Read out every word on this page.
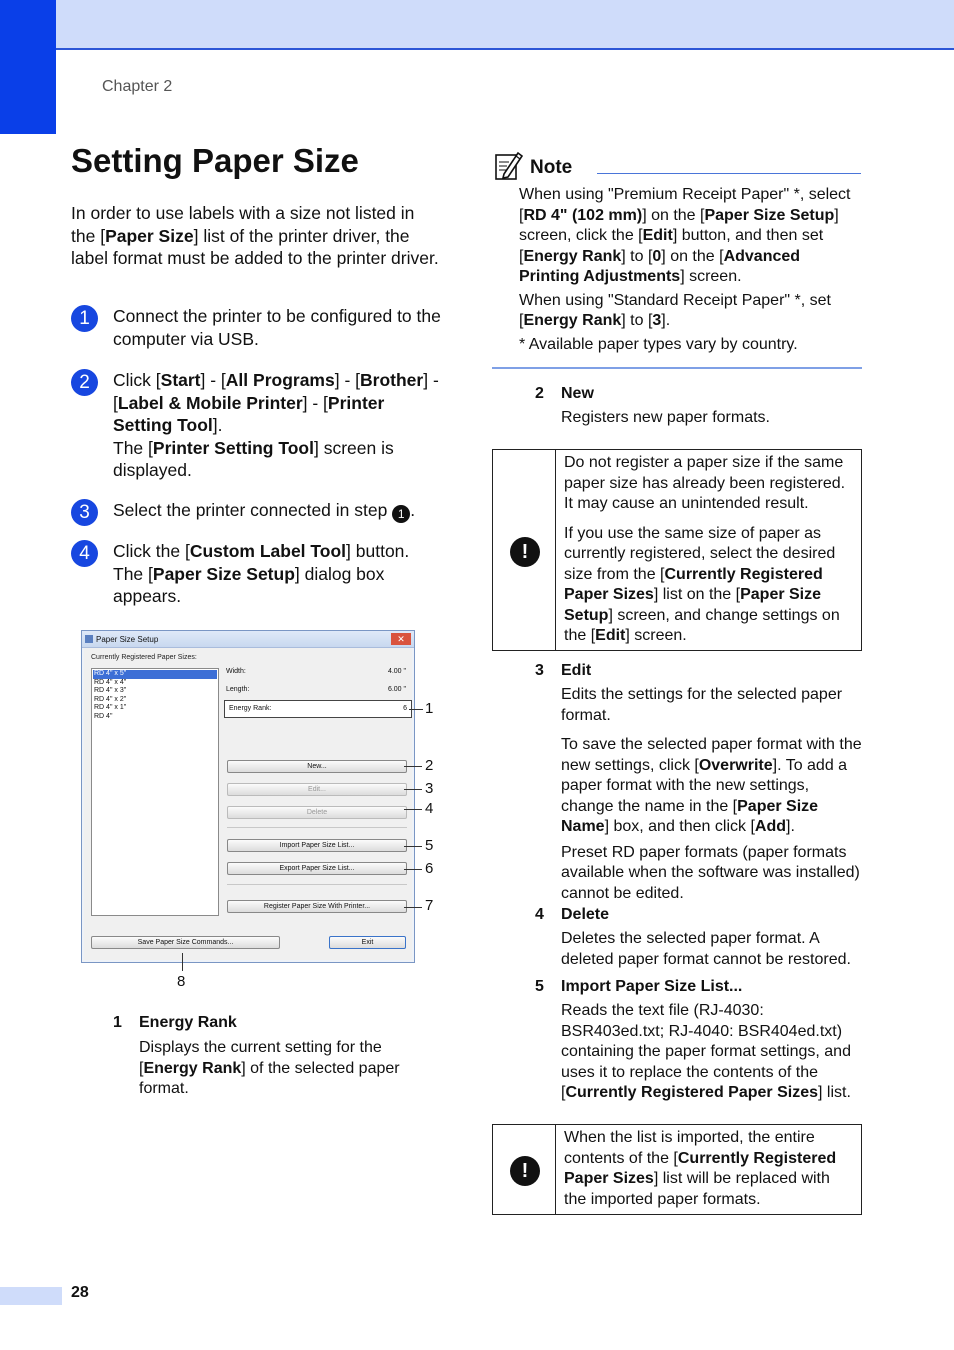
Chapter 2
Setting Paper Size

In order to use labels with a size not listed in the [Paper Size] list of the printer driver, the label format must be added to the printer driver.

1	Connect the printer to be configured to the computer via USB.
2	Click [Start] - [All Programs] - [Brother] - [Label & Mobile Printer] - [Printer Setting Tool].
The [Printer Setting Tool] screen is displayed.
3	Select the printer connected in step 1 .
4	Click the [Custom Label Tool] button.
The [Paper Size Setup] dialog box appears.
Paper Size Setup	✕
Currently Registered Paper Sizes:
RD 4" x 5"
RD 4" x 4"
RD 4" x 3"
RD 4" x 2"
RD 4" x 1"
RD 4"
Width:	4.00 "
Length:	6.00 "
Energy Rank:	6
New...
Edit...
Delete
Import Paper Size List...
Export Paper Size List...
Register Paper Size With Printer...
Save Paper Size Commands...	Exit
1
2
3
4
5
6
7
8
1 Energy Rank
Displays the current setting for the [Energy Rank] of the selected paper format.
Note

When using "Premium Receipt Paper" *, select [RD 4" (102 mm)] on the [Paper Size Setup] screen, click the [Edit] button, and then set [Energy Rank] to [0] on the [Advanced Printing Adjustments] screen.

When using "Standard Receipt Paper" *, set [Energy Rank] to [3].

* Available paper types vary by country.

2 New
Registers new paper formats.
!

Do not register a paper size if the same paper size has already been registered. It may cause an unintended result.

If you use the same size of paper as currently registered, select the desired size from the [Currently Registered Paper Sizes] list on the [Paper Size Setup] screen, and change settings on the [Edit] screen.

3 Edit

Edits the settings for the selected paper format.

To save the selected paper format with the new settings, click [Overwrite]. To add a paper format with the new settings, change the name in the [Paper Size Name] box, and then click [Add].

Preset RD paper formats (paper formats available when the software was installed) cannot be edited.

4 Delete
Deletes the selected paper format. A deleted paper format cannot be restored.
5 Import Paper Size List...
Reads the text file (RJ-4030: BSR403ed.txt; RJ-4040: BSR404ed.txt) containing the paper format settings, and uses it to replace the contents of the [Currently Registered Paper Sizes] list.
!

When the list is imported, the entire contents of the [Currently Registered Paper Sizes] list will be replaced with the imported paper formats.

28
